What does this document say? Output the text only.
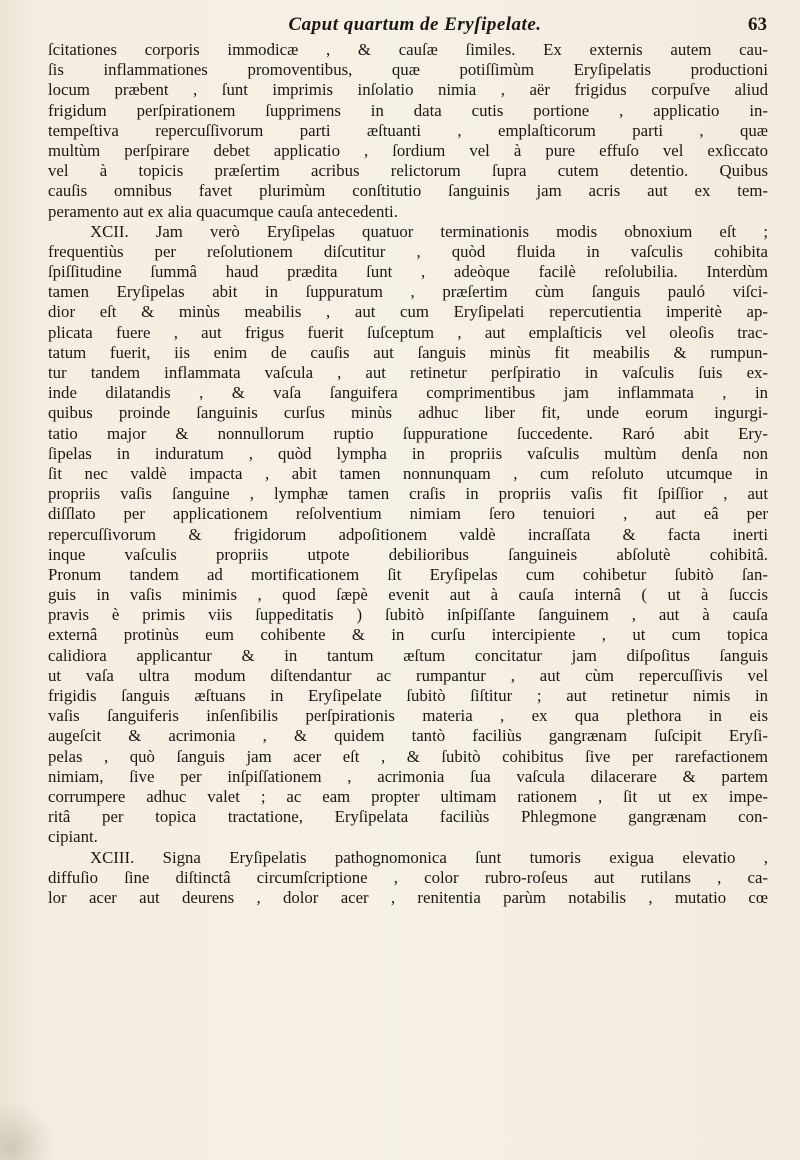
Caput quartum de Eryſipelate.	63
ſcitationes corporis immodicæ , & cauſæ ſimiles. Ex externis autem cau-
ſis inflammationes promoventibus, quæ potiſſimùm Eryſipelatis productioni
locum præbent , ſunt imprimis inſolatio nimia , aër frigidus corpuſve aliud
frigidum perſpirationem ſupprimens in data cutis portione , applicatio in-
tempeſtiva repercuſſivorum parti æſtuanti , emplaſticorum parti , quæ
multùm perſpirare debet applicatio , ſordium vel à pure effuſo vel exſiccato
vel à topicis præſertim acribus relictorum ſupra cutem detentio. Quibus
cauſis omnibus favet plurimùm conſtitutio ſanguinis jam acris aut ex tem-
peramento aut ex alia quacumque cauſa antecedenti.
XCII. Jam verò Eryſipelas quatuor terminationis modis obnoxium eſt ;
frequentiùs per reſolutionem diſcutitur , quòd fluida in vaſculis cohibita
ſpiſſitudine ſummâ haud prædita ſunt , adeòque facilè reſolubilia. Interdùm
tamen Eryſipelas abit in ſuppuratum , præſertim cùm ſanguis pauló viſci-
dior eſt & minùs meabilis , aut cum Eryſipelati repercutientia imperitè ap-
plicata fuere , aut frigus fuerit ſuſceptum , aut emplaſticis vel oleoſis trac-
tatum fuerit, iis enim de cauſis aut ſanguis minùs fit meabilis & rumpun-
tur tandem inflammata vaſcula , aut retinetur perſpiratio in vaſculis ſuis ex-
inde dilatandis , & vaſa ſanguifera comprimentibus jam inflammata , in
quibus proinde ſanguinis curſus minùs adhuc liber fit, unde eorum ingurgi-
tatio major & nonnullorum ruptio ſuppuratione ſuccedente. Raró abit Ery-
ſipelas in induratum , quòd lympha in propriis vaſculis multùm denſa non
ſit nec valdè impacta , abit tamen nonnunquam , cum reſoluto utcumque in
propriis vaſis ſanguine , lymphæ tamen craſis in propriis vaſis fit ſpiſſior , aut
diſſlato per applicationem reſolventium nimiam ſero tenuiori , aut eâ per
repercuſſivorum & frigidorum adpoſitionem valdè incraſſata & facta inerti
inque vaſculis propriis utpote debilioribus ſanguineis abſolutè cohibitâ.
Pronum tandem ad mortificationem ſit Eryſipelas cum cohibetur ſubitò ſan-
guis in vaſis minimis , quod ſæpè evenit aut à cauſa internâ ( ut à ſuccis
pravis è primis viis ſuppeditatis ) ſubitò inſpiſſante ſanguinem , aut à cauſa
externâ protinùs eum cohibente & in curſu intercipiente , ut cum topica
calidiora applicantur & in tantum æſtum concitatur jam diſpoſitus ſanguis
ut vaſa ultra modum diſtendantur ac rumpantur , aut cùm repercuſſivis vel
frigidis ſanguis æſtuans in Eryſipelate ſubitò ſiſtitur ; aut retinetur nimis in
vaſis ſanguiferis inſenſibilis perſpirationis materia , ex qua plethora in eis
augeſcit & acrimonia , & quidem tantò faciliùs gangrænam ſuſcipit Eryſi-
pelas , quò ſanguis jam acer eſt , & ſubitò cohibitus ſive per rarefactionem
nimiam, ſive per inſpiſſationem , acrimonia ſua vaſcula dilacerare & partem
corrumpere adhuc valet ; ac eam propter ultimam rationem , ſit ut ex impe-
ritâ per topica tractatione, Eryſipelata faciliùs Phlegmone gangrænam con-
cipiant.
XCIII. Signa Eryſipelatis pathognomonica ſunt tumoris exigua elevatio ,
diffuſio ſine diſtinctâ circumſcriptione , color rubro-roſeus aut rutilans , ca-
lor acer aut deurens , dolor acer , renitentia parùm notabilis , mutatio cœ
